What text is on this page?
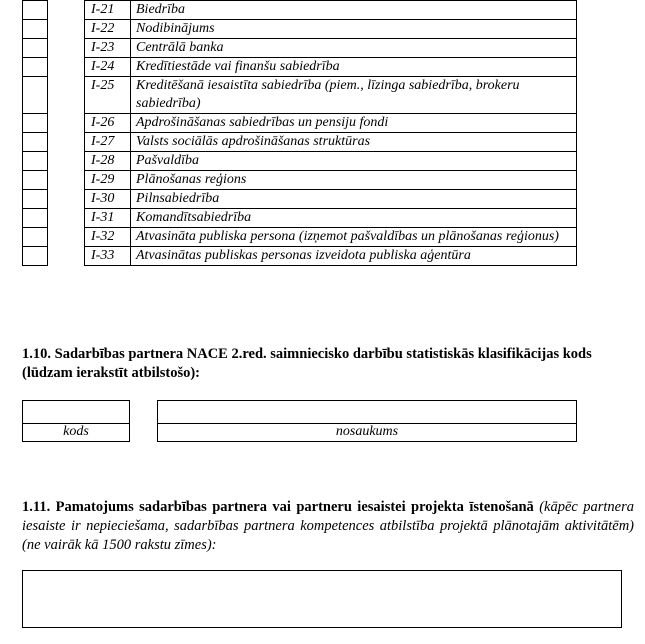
		I-21	Biedrība
		I-22	Nodibinājums
		I-23	Centrālā banka
		I-24	Kredītiestāde vai finanšu sabiedrība
		I-25	Kreditēšanā iesaistīta sabiedrība (piem., līzinga sabiedrība, brokeru sabiedrība)
		I-26	Apdrošināšanas sabiedrības un pensiju fondi
		I-27	Valsts sociālās apdrošināšanas struktūras
		I-28	Pašvaldība
		I-29	Plānošanas reģions
		I-30	Pilnsabiedrība
		I-31	Komandītsabiedrība
		I-32	Atvasināta publiska persona (izņemot pašvaldības un plānošanas reģionus)
		I-33	Atvasinātas publiskas personas izveidota publiska aģentūra
1.10. Sadarbības partnera NACE 2.red. saimniecisko darbību statistiskās klasifikācijas kods (lūdzam ierakstīt atbilstošo):
kods	nosaukums
1.11. Pamatojums sadarbības partnera vai partneru iesaistei projekta īstenošanā (kāpēc partnera iesaiste ir nepieciešama, sadarbības partnera kompetences atbilstība projektā plānotajām aktivitātēm) (ne vairāk kā 1500 rakstu zīmes):
